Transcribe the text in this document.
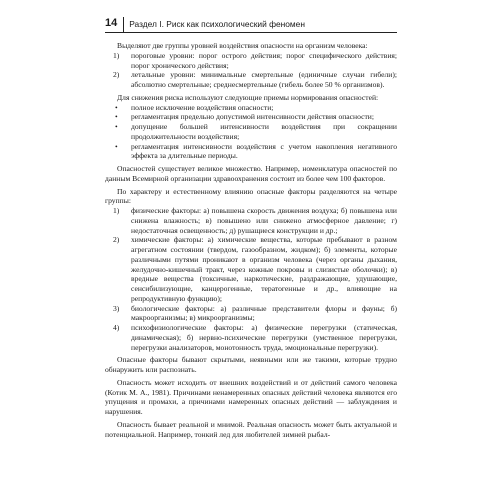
14 Раздел I. Риск как психологический феномен

Выделяют две группы уровней воздействия опасности на организм человека:

1) пороговые уровни: порог острого действия; порог специфического действия; порог хронического действия;
2) летальные уровни: минимальные смертельные (единичные случаи гибели); абсолютно смертельные; среднесмертельные (гибель более 50 % организмов).

Для снижения риска используют следующие приемы нормирования опасностей:

• полное исключение воздействия опасности;
• регламентация предельно допустимой интенсивности действия опасности;
• допущение большей интенсивности воздействия при сокращении продолжительности воздействия;
• регламентация интенсивности воздействия с учетом накопления негативного эффекта за длительные периоды.

Опасностей существует великое множество. Например, номенклатура опасностей по данным Всемирной организации здравоохранения состоит из более чем 100 факторов.

По характеру и естественному влиянию опасные факторы разделяются на четыре группы:

1) физические факторы: а) повышена скорость движения воздуха; б) повышена или снижена влажность; в) повышено или снижено атмосферное давление; г) недостаточная освещенность; д) рушащиеся конструкции и др.;
2) химические факторы: а) химические вещества, которые пребывают в разном агрегатном состоянии (твердом, газообразном, жидком); б) элементы, которые различными путями проникают в организм человека (через органы дыхания, желудочно-кишечный тракт, через кожные покровы и слизистые оболочки); в) вредные вещества (токсичные, наркотические, раздражающие, удушающие, сенсибилизующие, канцерогенные, тератогенные и др., влияющие на репродуктивную функцию);
3) биологические факторы: а) различные представители флоры и фауны; б) макроорганизмы; в) микроорганизмы;
4) психофизиологические факторы: а) физические перегрузки (статическая, динамическая); б) нервно-психические перегрузки (умственное перегрузки, перегрузки анализаторов, монотонность труда, эмоциональные перегрузки).

Опасные факторы бывают скрытыми, неявными или же такими, которые трудно обнаружить или распознать.

Опасность может исходить от внешних воздействий и от действий самого человека (Котик М. А., 1981). Причинами ненамеренных опасных действий человека являются его упущения и промахи, а причинами намеренных опасных действий — заблуждения и нарушения.

Опасность бывает реальной и мнимой. Реальная опасность может быть актуальной и потенциальной. Например, тонкий лед для любителей зимней рыбал-
